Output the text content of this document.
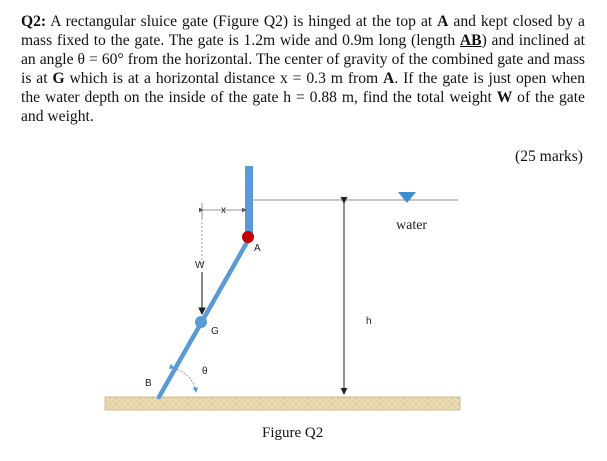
Q2: A rectangular sluice gate (Figure Q2) is hinged at the top at A and kept closed by a mass fixed to the gate. The gate is 1.2m wide and 0.9m long (length AB) and inclined at an angle θ = 60° from the horizontal. The center of gravity of the combined gate and mass is at G which is at a horizontal distance x = 0.3 m from A. If the gate is just open when the water depth on the inside of the gate h = 0.88 m, find the total weight W of the gate and weight.
(25 marks)
water
h
x
W
A
G
θ
B
Figure Q2
